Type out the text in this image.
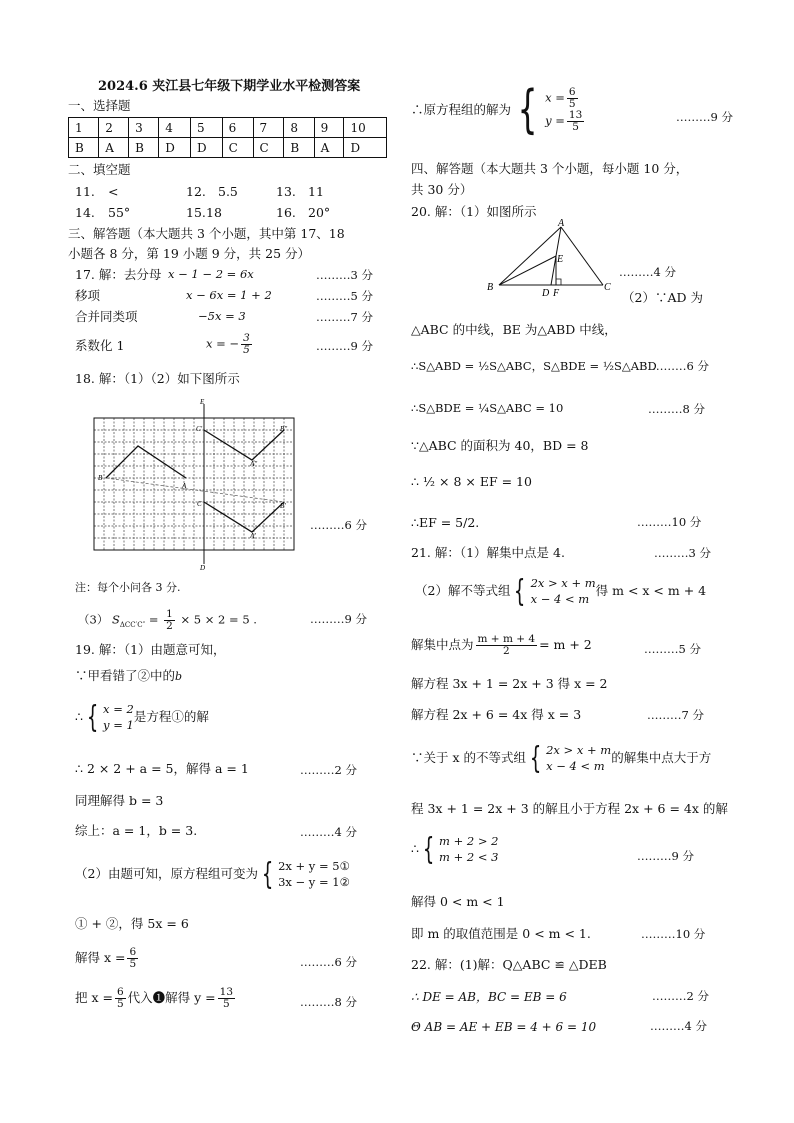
2024.6 夹江县七年级下期学业水平检测答案
一、选择题
1	2	3	4	5	6	7	8	9	10
B	A	B	D	D	C	C	B	A	D
二、填空题
11. <	12. 5.5	13. 11
14. 55°	15. 18	16. 20°
三、解答题（本大题共 3 个小题，其中第 17、18
小题各 8 分，第 19 小题 9 分，共 25 分）
17. 解：去分母 x − 1 − 2 = 6x	………3 分
移项	x − 6x = 1 + 2	………5 分
合并同类项	−5x = 3	………7 分
系数化 1	x = − $\frac{3}{5}$	………9 分
18. 解：（1）（2）如下图所示
E
D
C′	B″
A″
B′
A′
C
B
A
………6 分
注：每个小问各 3 分.
（3） $S_{\Delta CC'C''} = \frac{1}{2} \times 5 \times 2 = 5$ .	………9 分
19. 解：（1）由题意可知，
∵甲看错了②中的b
∴ { x = 2
y = 1
是方程①的解
∴ 2 × 2 + a = 5，解得 a = 1	………2 分
同理解得 b = 3
综上：a = 1，b = 3.	………4 分
（2）由题可知，原方程组可变为 { 2x + y = 5①
3x − y = 1②
① + ②，得 5x = 6
解得 $x = \frac{6}{5}$	………6 分
把 $x = \frac{6}{5}$ 代入❶解得 $y = \frac{13}{5}$	………8 分
∴原方程组的解为 { $x = \frac{6}{5}$
$y = \frac{13}{5}$	………9 分
四、解答题（本大题共 3 个小题，每小题 10 分，
共 30 分）
20. 解：（1）如图所示
A
B	C
E
D F
………4 分
（2）∵AD 为
△ABC 的中线，BE 为△ABD 中线，
∴S△ABD = ½S△ABC，S△BDE = ½S△ABD
………6 分
∴S△BDE = ¼S△ABC = 10	………8 分
∵△ABC 的面积为 40，BD = 8
∴ ½ × 8 × EF = 10
∴EF = 5/2.	………10 分
21. 解：（1）解集中点是 4.	………3 分
（2）解不等式组 { 2x > x + m
x − 4 < m
得 m < x < m + 4
解集中点为 $\frac{m + m + 4}{2} = m + 2$	………5 分
解方程 3x + 1 = 2x + 3 得 x = 2
解方程 2x + 6 = 4x 得 x = 3	………7 分
∵关于 x 的不等式组 { 2x > x + m
x − 4 < m
的解集中点大于方
程 3x + 1 = 2x + 3 的解且小于方程 2x + 6 = 4x 的解
∴ { m + 2 > 2
m + 2 < 3	………9 分
解得 0 < m < 1
即 m 的取值范围是 0 < m < 1.	………10 分
22. 解：(1)解：Q△ABC ≌ △DEB
∴ DE = AB，BC = EB = 6	………2 分
Θ AB = AE + EB = 4 + 6 = 10	………4 分
